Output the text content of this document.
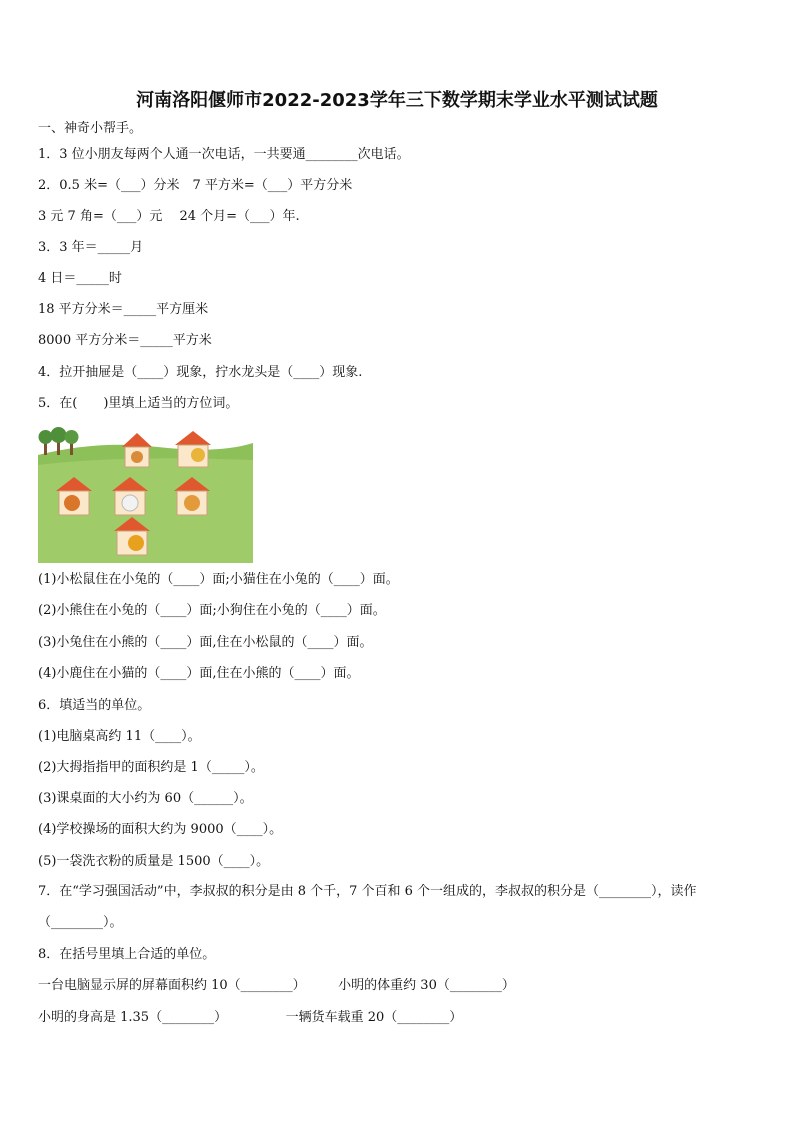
河南洛阳偃师市2022-2023学年三下数学期末学业水平测试试题
一、神奇小帮手。
1．3 位小朋友每两个人通一次电话，一共要通________次电话。
2．0.5 米=（___）分米　7 平方米=（___）平方分米
3 元 7 角=（___）元　 24 个月=（___）年.
3．3 年＝_____月
4 日＝_____时
18 平方分米＝_____平方厘米
8000 平方分米＝_____平方米
4．拉开抽屉是（____）现象，拧水龙头是（____）现象.
5．在(　　)里填上适当的方位词。
(1)小松鼠住在小兔的（____）面;小猫住在小兔的（____）面。
(2)小熊住在小兔的（____）面;小狗住在小兔的（____）面。
(3)小兔住在小熊的（____）面,住在小松鼠的（____）面。
(4)小鹿住在小猫的（____）面,住在小熊的（____）面。
6．填适当的单位。
(1)电脑桌高约 11（____）。
(2)大拇指指甲的面积约是 1（_____）。
(3)课桌面的大小约为 60（______）。
(4)学校操场的面积大约为 9000（____）。
(5)一袋洗衣粉的质量是 1500（____）。
7．在“学习强国活动”中，李叔叔的积分是由 8 个千，7 个百和 6 个一组成的，李叔叔的积分是（________），读作
（________）。
8．在括号里填上合适的单位。
一台电脑显示屏的屏幕面积约 10（________）　　　小明的体重约 30（________）
小明的身高是 1.35（________）　　　　　一辆货车载重 20（________）
